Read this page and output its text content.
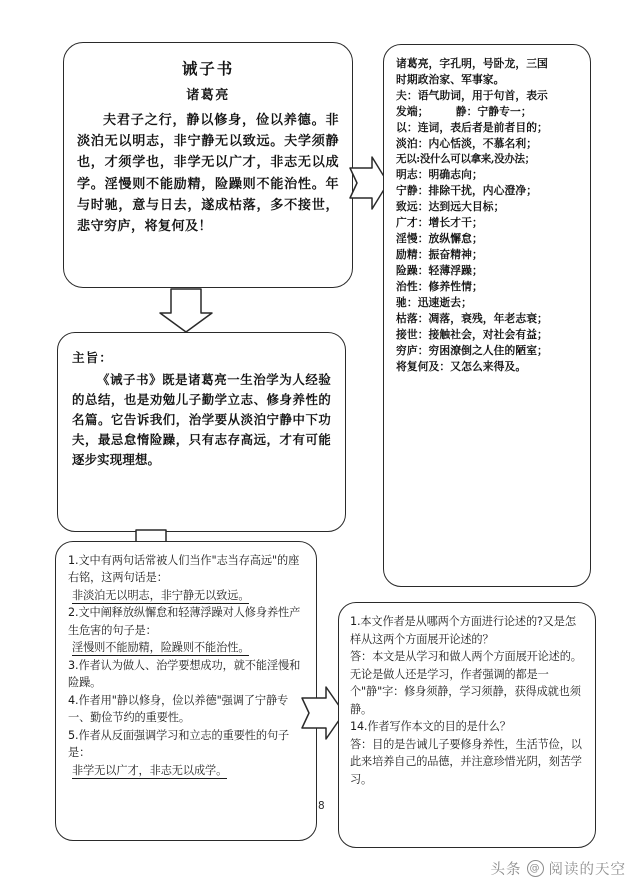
诫子书
诸葛亮
夫君子之行，静以修身，俭以养德。非淡泊无以明志，非宁静无以致远。夫学须静也，才须学也，非学无以广才，非志无以成学。淫慢则不能励精，险躁则不能治性。年与时驰，意与日去，遂成枯落，多不接世，悲守穷庐，将复何及！
主旨：
《诫子书》既是诸葛亮一生治学为人经验的总结，也是劝勉儿子勤学立志、修身养性的名篇。它告诉我们，治学要从淡泊宁静中下功夫，最忌怠惰险躁，只有志存高远，才有可能逐步实现理想。
诸葛亮，字孔明，号卧龙，三国
时期政治家、军事家。
夫：语气助词，用于句首，表示
发端；　　　静：宁静专一；
以：连词，表后者是前者目的；
淡泊：内心恬淡，不慕名利；
无以:没什么可以拿来,没办法；
明志：明确志向；
宁静：排除干扰，内心澄净；
致远：达到远大目标；
广才：增长才干；
淫慢：放纵懈怠；
励精：振奋精神；
险躁：轻薄浮躁；
治性：修养性情；
驰：迅速逝去；
枯落：凋落，衰残，年老志衰；
接世：接触社会，对社会有益；
穷庐：穷困潦倒之人住的陋室；
将复何及：又怎么来得及。
1.文中有两句话常被人们当作"志当存高远"的座右铭，这两句话是：
非淡泊无以明志，非宁静无以致远。
2.文中阐释放纵懈怠和轻薄浮躁对人修身养性产生危害的句子是：
淫慢则不能励精，险躁则不能治性。
3.作者认为做人、治学要想成功，就不能淫慢和险躁。
4.作者用"静以修身，俭以养德"强调了宁静专一、勤俭节约的重要性。
5.作者从反面强调学习和立志的重要性的句子是：
非学无以广才，非志无以成学。
1.本文作者是从哪两个方面进行论述的?又是怎样从这两个方面展开论述的？
答：本文是从学习和做人两个方面展开论述的。无论是做人还是学习，作者强调的都是一个"静"字：修身须静，学习须静，获得成就也须静。
14.作者写作本文的目的是什么？
答：目的是告诫儿子要修身养性，生活节俭，以此来培养自己的品德，并注意珍惜光阴，刻苦学习。
8
头条 @ 阅读的天空
